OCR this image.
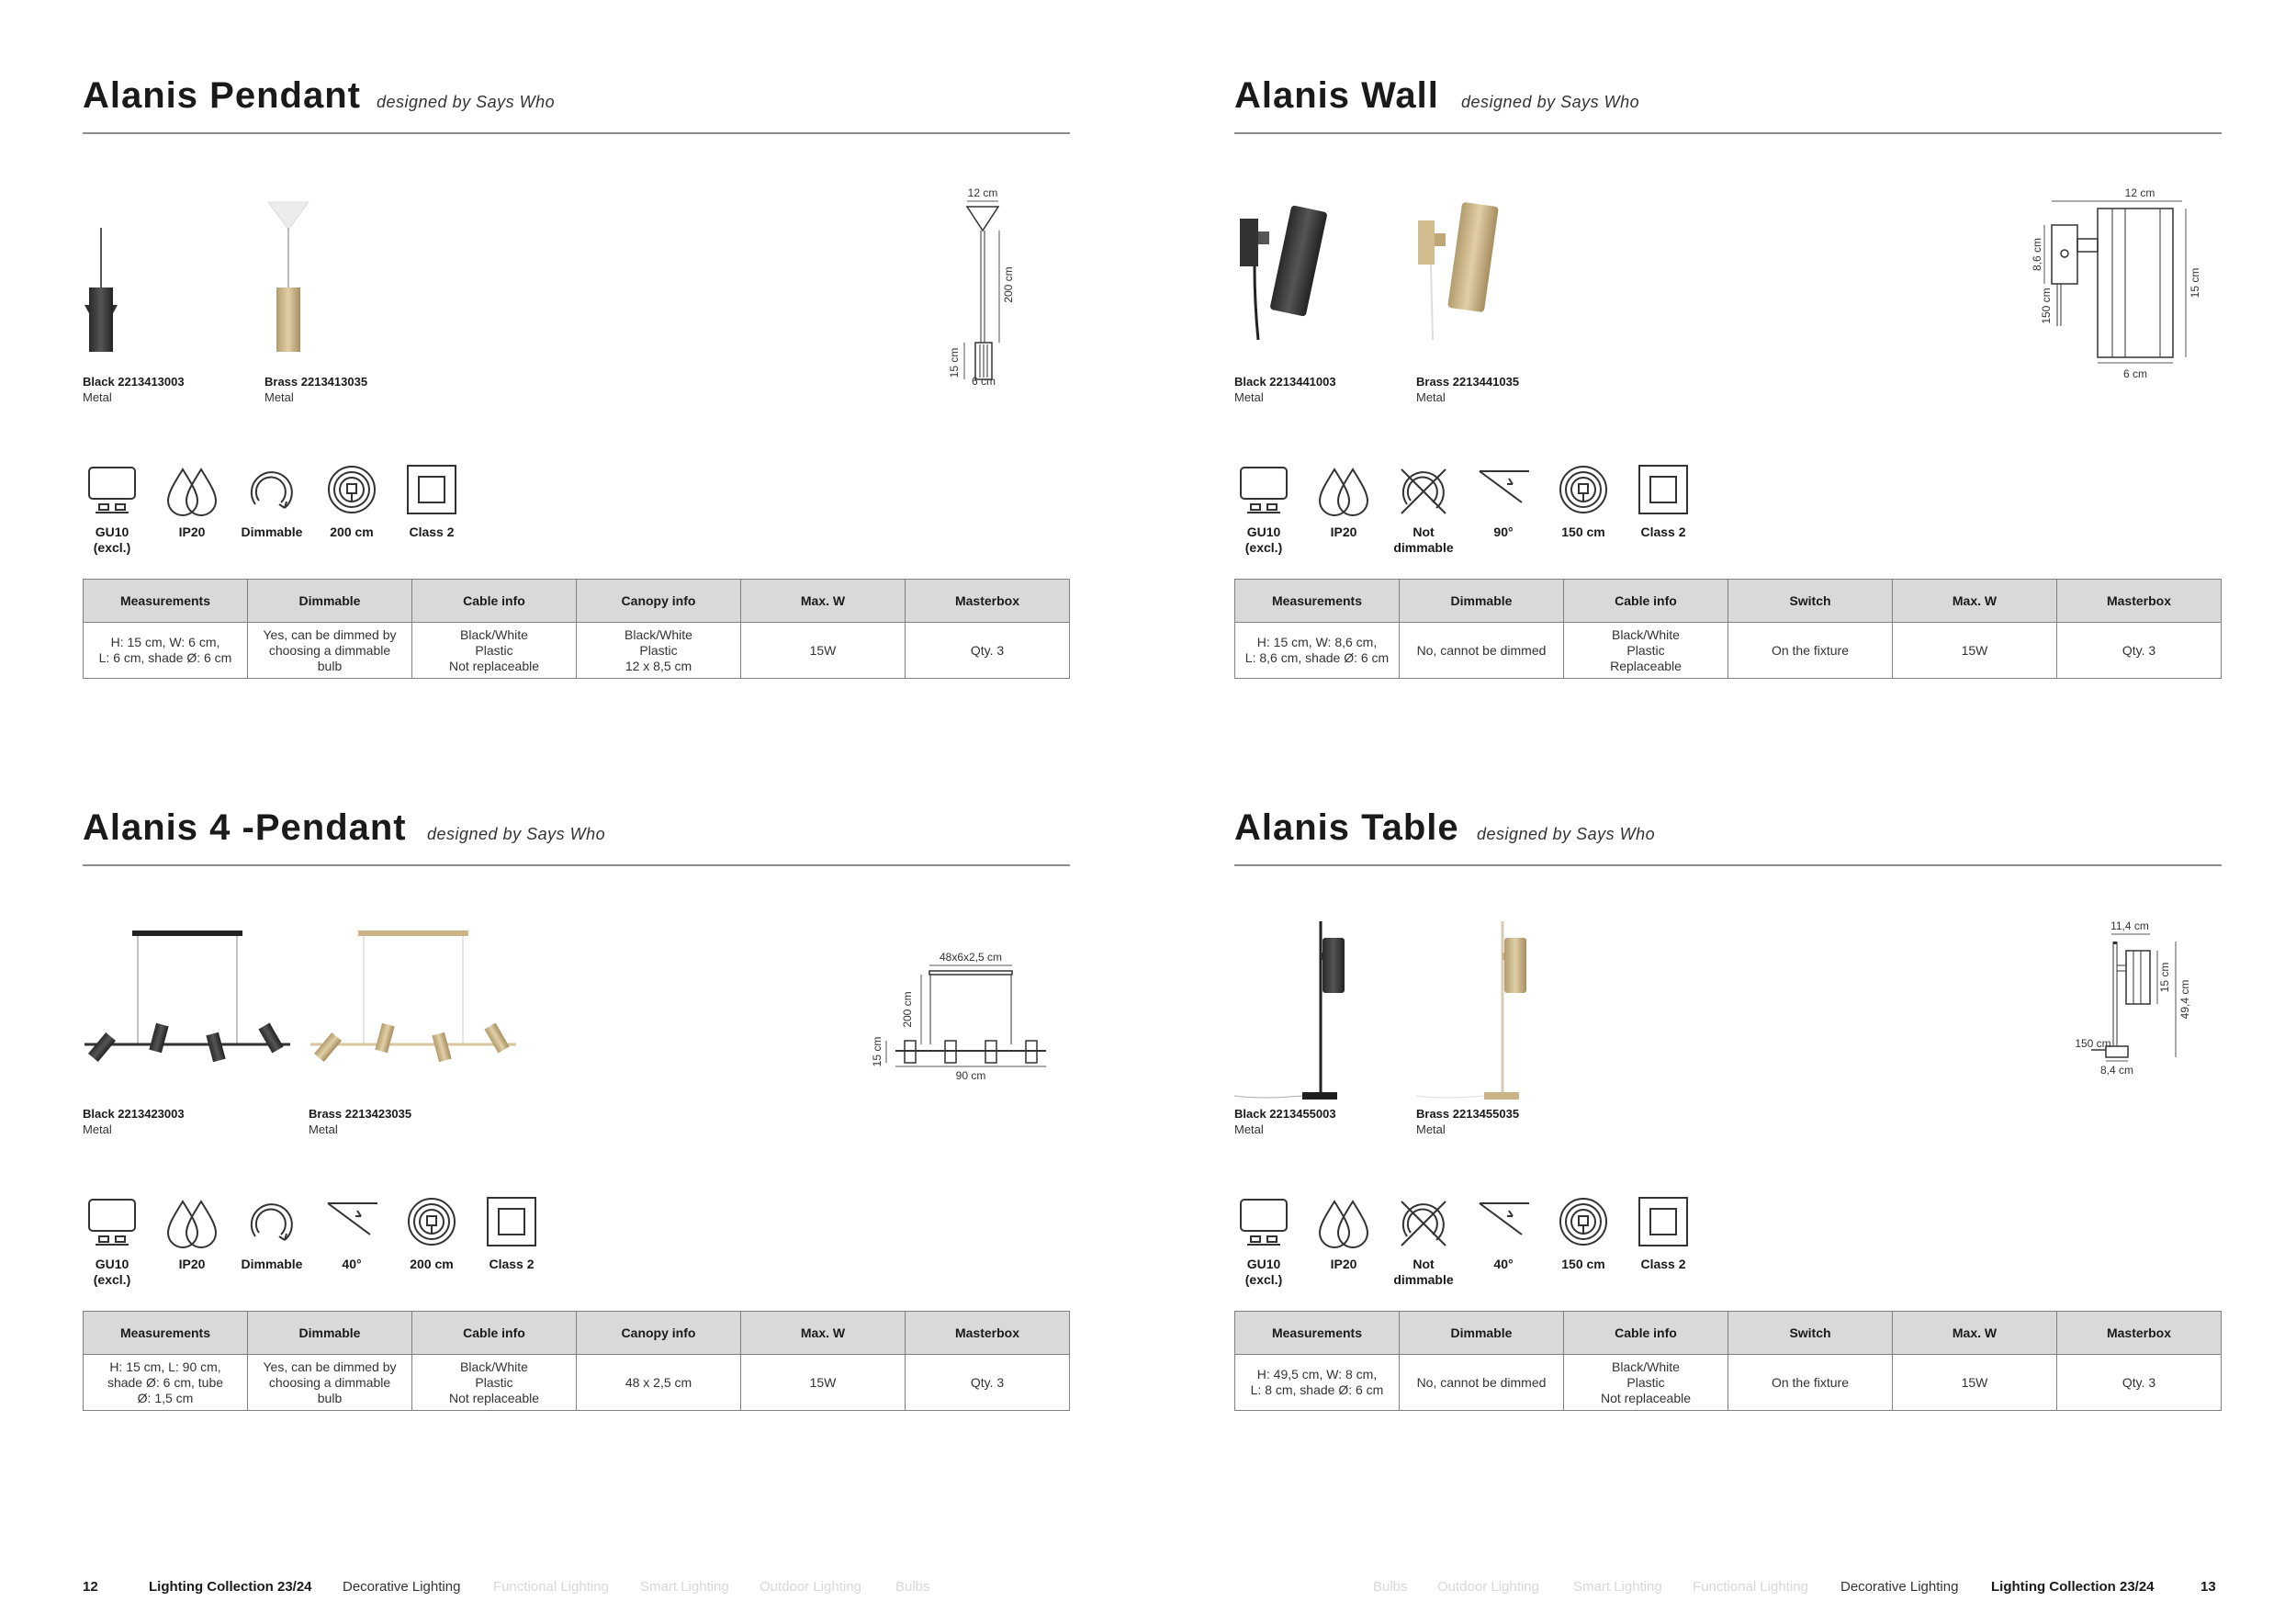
Alanis Pendant designed by Says Who
Black 2213413003
Metal
Brass 2213413035
Metal
12 cm
200 cm
15 cm
6 cm
GU10
(excl.)
IP20	Dimmable	200 cm	Class 2
Measurements	Dimmable	Cable info	Canopy info	Max. W	Masterbox
H: 15 cm, W: 6 cm,
L: 6 cm, shade Ø: 6 cm	Yes, can be dimmed by
choosing a dimmable
bulb	Black/White
Plastic
Not replaceable	Black/White
Plastic
12 x 8,5 cm	15W	Qty. 3
Alanis Wall designed by Says Who
Black 2213441003
Metal
Brass 2213441035
Metal
12 cm
8,6 cm
150 cm
15 cm
6 cm
GU10
(excl.)
IP20	Not
dimmable
90°	150 cm	Class 2
Measurements	Dimmable	Cable info	Switch	Max. W	Masterbox
H: 15 cm, W: 8,6 cm,
L: 8,6 cm, shade Ø: 6 cm	No, cannot be dimmed	Black/White
Plastic
Replaceable	On the fixture	15W	Qty. 3
Alanis 4 -Pendant designed by Says Who
Black 2213423003
Metal
Brass 2213423035
Metal
48x6x2,5 cm
200 cm
15 cm
90 cm
GU10
(excl.)
IP20	Dimmable	40°	200 cm	Class 2
Measurements	Dimmable	Cable info	Canopy info	Max. W	Masterbox
H: 15 cm, L: 90 cm,
shade Ø: 6 cm, tube
Ø: 1,5 cm	Yes, can be dimmed by
choosing a dimmable
bulb	Black/White
Plastic
Not replaceable	48 x 2,5 cm	15W	Qty. 3
Alanis Table designed by Says Who
Black 2213455003
Metal
Brass 2213455035
Metal
11,4 cm
15 cm
49,4 cm
150 cm
8,4 cm
GU10
(excl.)
IP20	Not
dimmable
40°	150 cm	Class 2
Measurements	Dimmable	Cable info	Switch	Max. W	Masterbox
H: 49,5 cm, W: 8 cm,
L: 8 cm, shade Ø: 6 cm	No, cannot be dimmed	Black/White
Plastic
Not replaceable	On the fixture	15W	Qty. 3
12	Lighting Collection 23/24 Decorative Lighting Functional Lighting Smart Lighting Outdoor Lighting Bulbs	Bulbs Outdoor Lighting Smart Lighting Functional Lighting Decorative Lighting Lighting Collection 23/24	13
